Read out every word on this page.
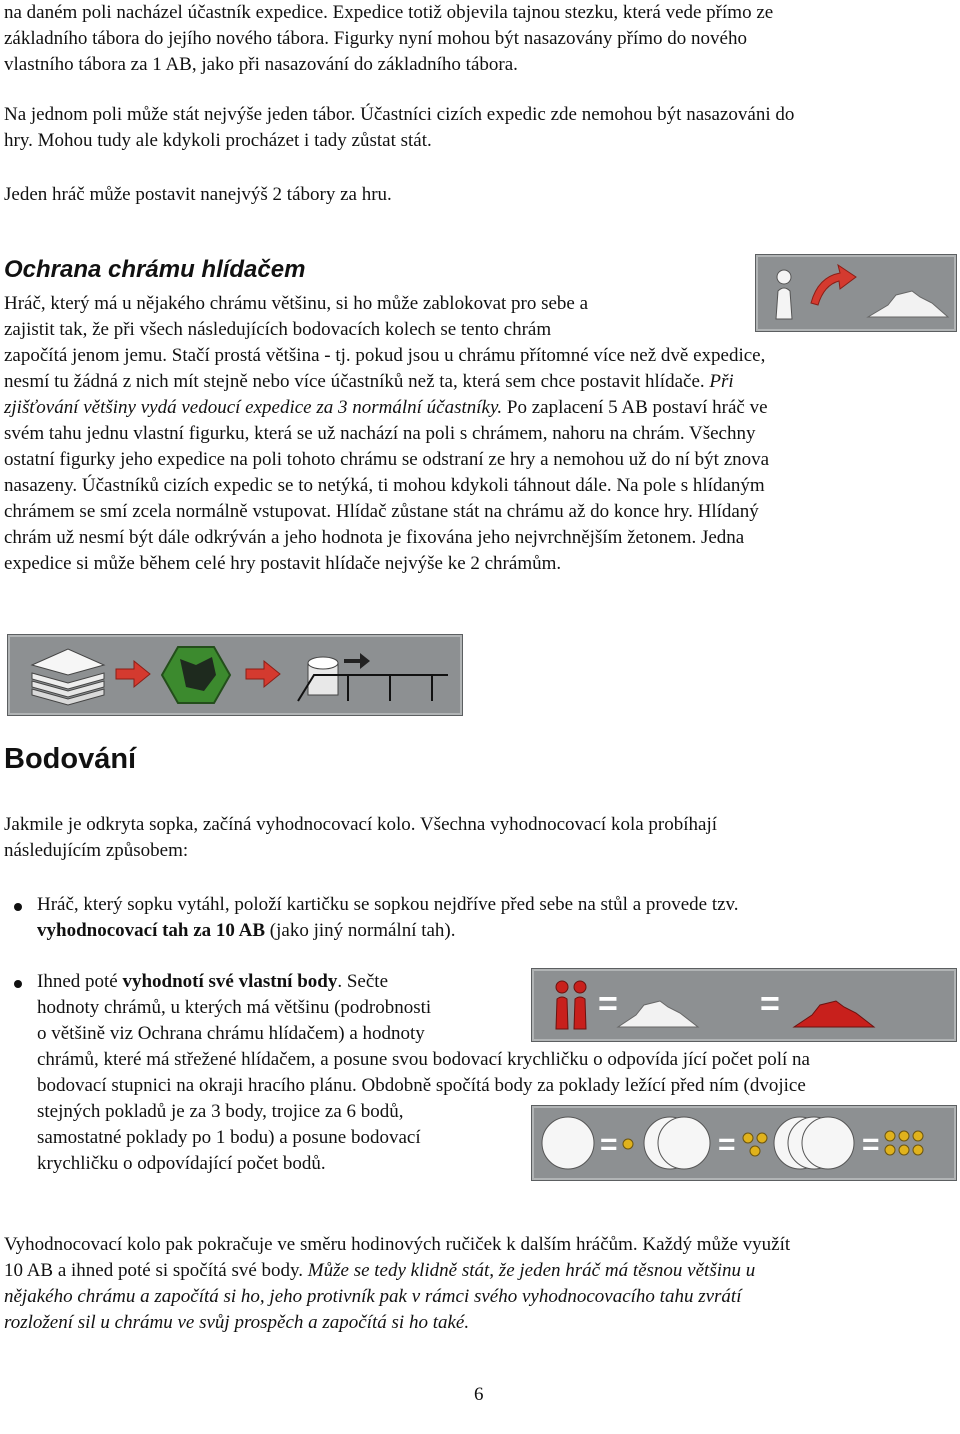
na daném poli nacházel účastník expedice. Expedice totiž objevila tajnou stezku, která vede přímo ze
základního tábora do jejího nového tábora. Figurky nyní mohou být nasazovány přímo do nového
vlastního tábora za 1 AB, jako při nasazování do základního tábora.
Na jednom poli může stát nejvýše jeden tábor. Účastníci cizích expedic zde nemohou být nasazováni do
hry. Mohou tudy ale kdykoli procházet i tady zůstat stát.

Jeden hráč může postavit nanejvýš 2 tábory za hru.

Ochrana chrámu hlídačem

Hráč, který má u nějakého chrámu většinu, si ho může zablokovat pro sebe a
zajistit tak, že při všech následujících bodovacích kolech se tento chrám
započítá jenom jemu. Stačí prostá většina - tj. pokud jsou u chrámu přítomné více než dvě expedice,
nesmí tu žádná z nich mít stejně nebo více účastníků než ta, která sem chce postavit hlídače. Při
zjišťování většiny vydá vedoucí expedice za 3 normální účastníky. Po zaplacení 5 AB postaví hráč ve
svém tahu jednu vlastní figurku, která se už nachází na poli s chrámem, nahoru na chrám. Všechny
ostatní figurky jeho expedice na poli tohoto chrámu se odstraní ze hry a nemohou už do ní být znova
nasazeny. Účastníků cizích expedic se to netýká, ti mohou kdykoli táhnout dále. Na pole s hlídaným
chrámem se smí zcela normálně vstupovat. Hlídač zůstane stát na chrámu až do konce hry. Hlídaný
chrám už nesmí být dále odkrýván a jeho hodnota je fixována jeho nejvrchnějším žetonem. Jedna
expedice si může během celé hry postavit hlídače nejvýše ke 2 chrámům.

Bodování

Jakmile je odkryta sopka, začíná vyhodnocovací kolo. Všechna vyhodnocovací kola probíhají
následujícím způsobem:
Hráč, který sopku vytáhl, položí kartičku se sopkou nejdříve před sebe na stůl a provede tzv.
vyhodnocovací tah za 10 AB (jako jiný normální tah).
=	=
Ihned poté vyhodnotí své vlastní body. Sečte
hodnoty chrámů, u kterých má většinu (podrobnosti
o většině viz Ochrana chrámu hlídačem) a hodnoty
chrámů, které má střežené hlídačem, a posune svou bodovací krychličku o odpovída jící počet polí na
bodovací stupnici na okraji hracího plánu. Obdobně spočítá body za poklady ležící před ním (dvojice
stejných pokladů je za 3 body, trojice za 6 bodů,
samostatné poklady po 1 bodu) a posune bodovací
krychličku o odpovídající počet bodů.
=	=	=
Vyhodnocovací kolo pak pokračuje ve směru hodinových ručiček k dalším hráčům. Každý může využít
10 AB a ihned poté si spočítá své body. Může se tedy klidně stát, že jeden hráč má těsnou většinu u
nějakého chrámu a započítá si ho, jeho protivník pak v rámci svého vyhodnocovacího tahu zvrátí
rozložení sil u chrámu ve svůj prospěch a započítá si ho také.

6
